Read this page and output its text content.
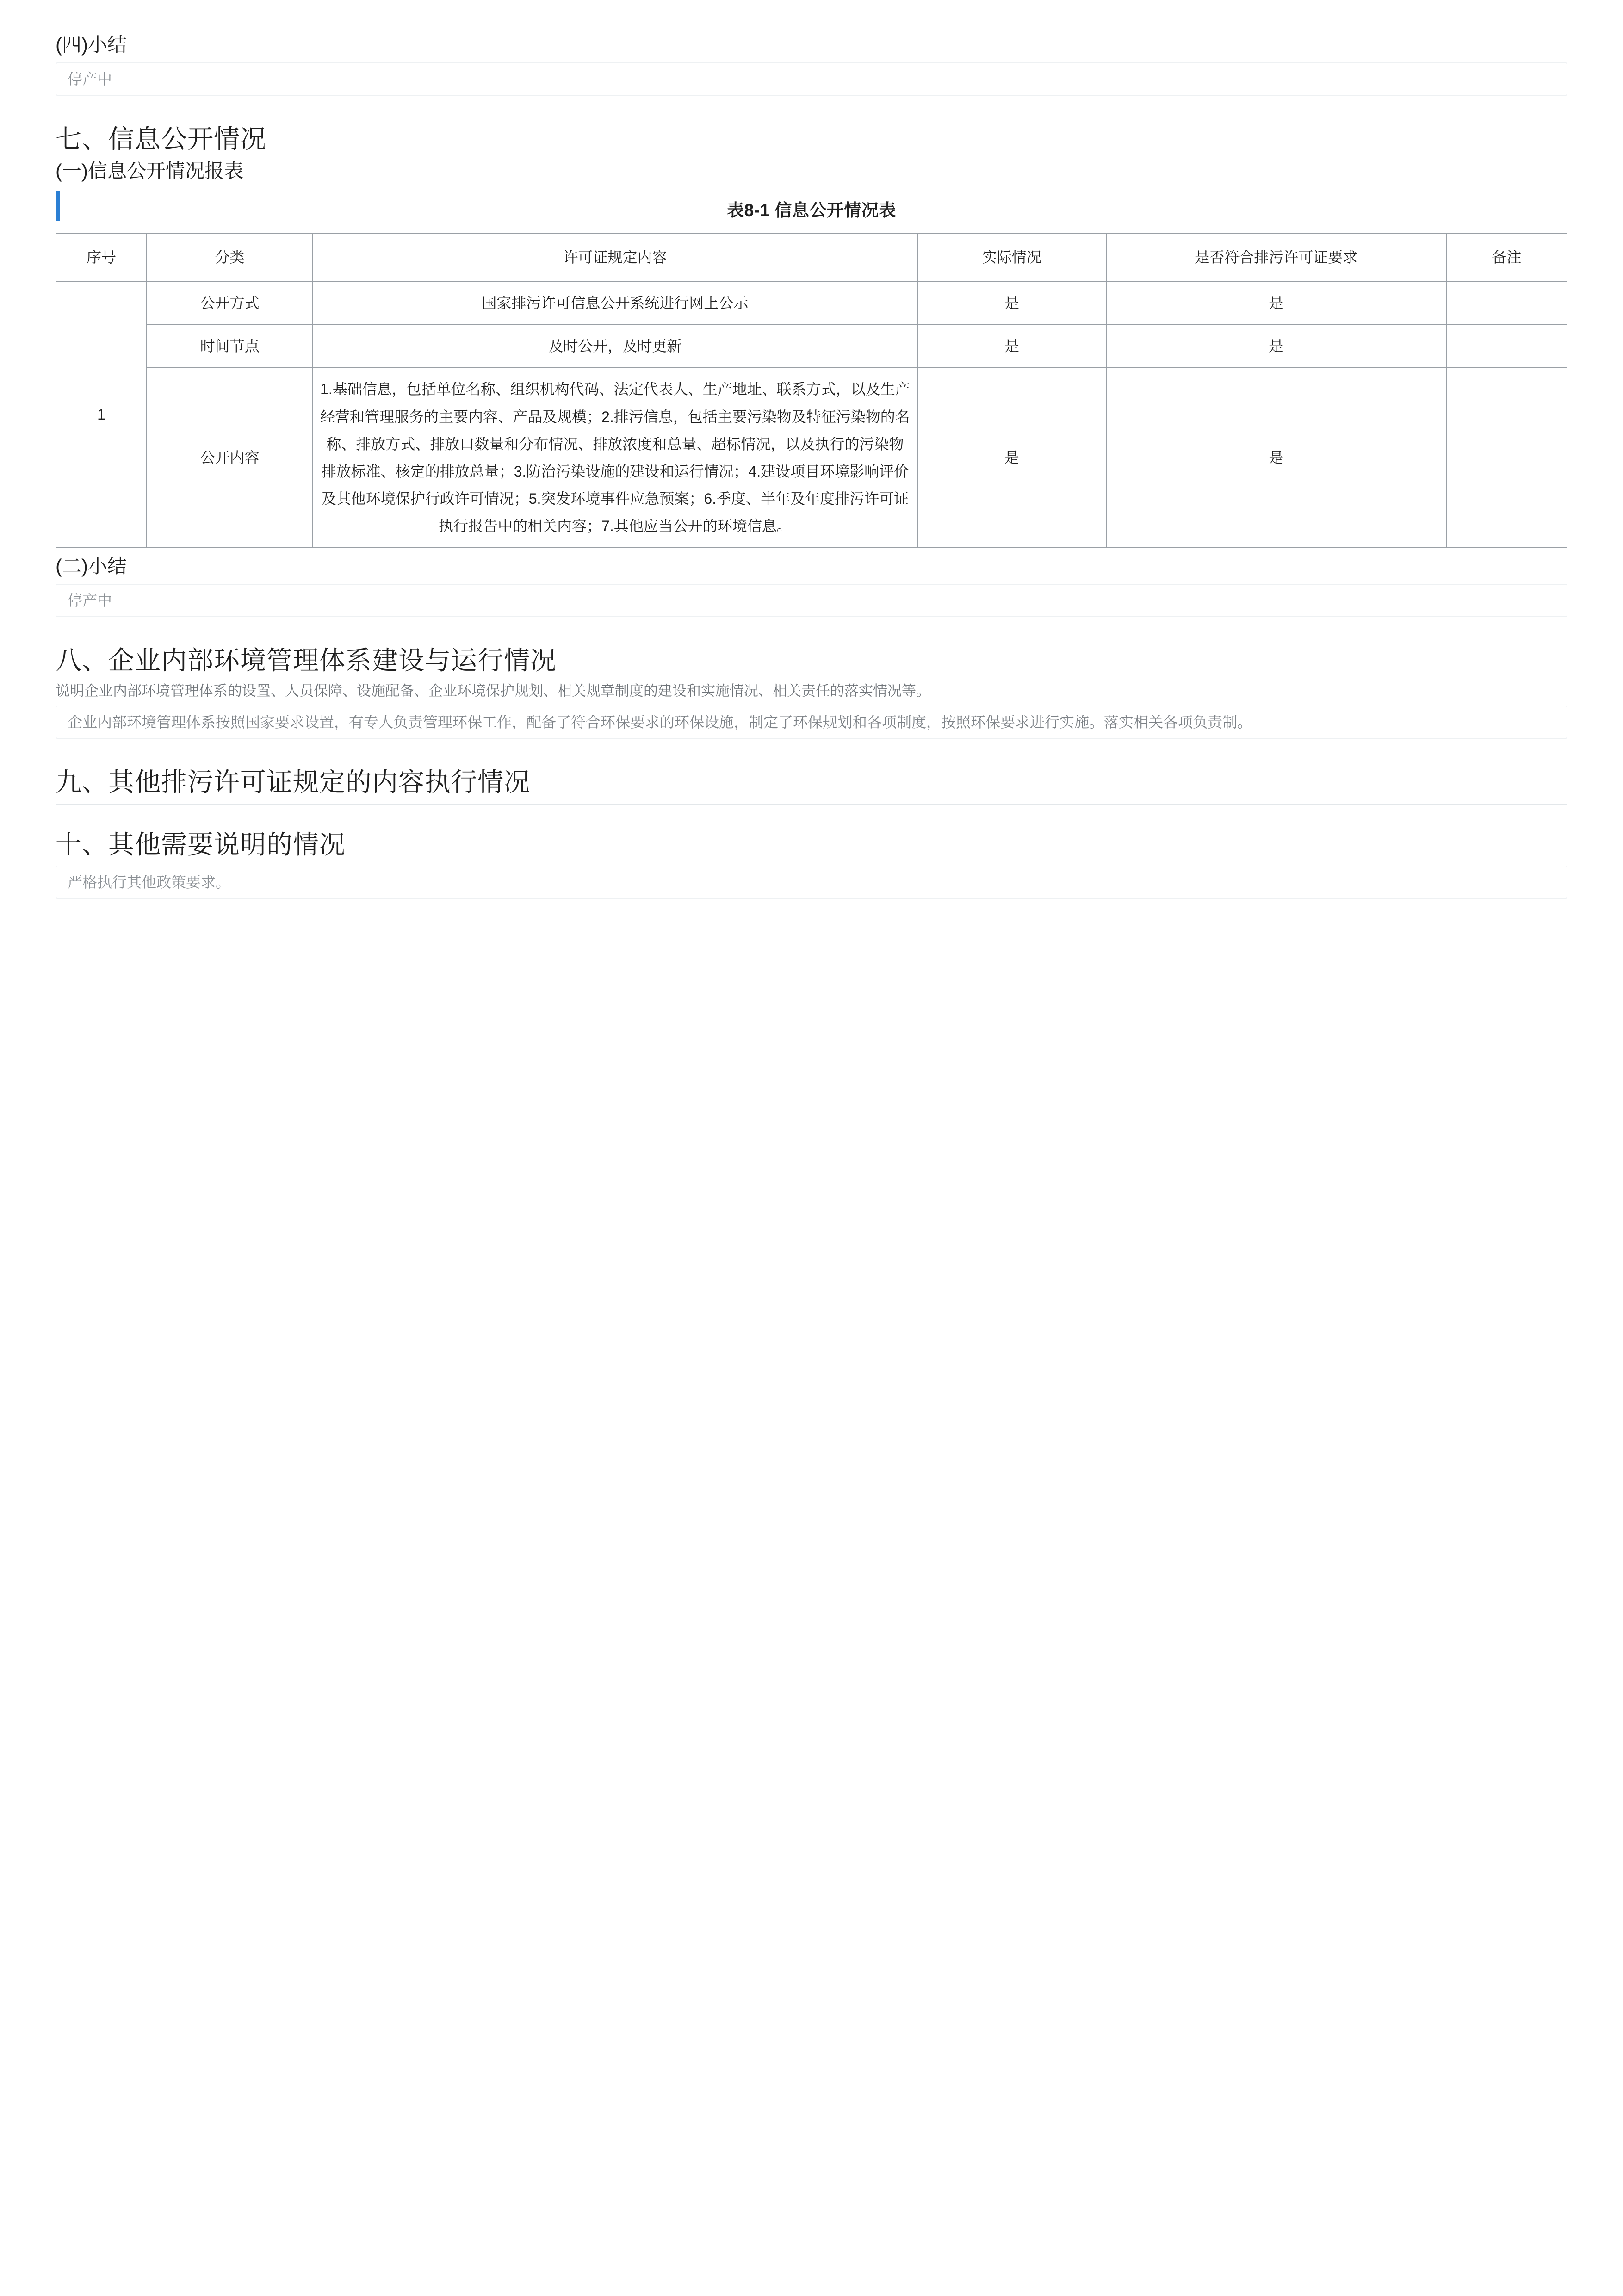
(四)小结
停产中
七、信息公开情况
(一)信息公开情况报表
表8-1 信息公开情况表
序号	分类	许可证规定内容	实际情况	是否符合排污许可证要求	备注
1	公开方式	国家排污许可信息公开系统进行网上公示	是	是	
	时间节点	及时公开，及时更新	是	是	
	公开内容	1.基础信息，包括单位名称、组织机构代码、法定代表人、生产地址、联系方式，以及生产经营和管理服务的主要内容、产品及规模；2.排污信息，包括主要污染物及特征污染物的名称、排放方式、排放口数量和分布情况、排放浓度和总量、超标情况，以及执行的污染物排放标准、核定的排放总量；3.防治污染设施的建设和运行情况；4.建设项目环境影响评价及其他环境保护行政许可情况；5.突发环境事件应急预案；6.季度、半年及年度排污许可证执行报告中的相关内容；7.其他应当公开的环境信息。	是	是	
(二)小结
停产中
八、企业内部环境管理体系建设与运行情况
说明企业内部环境管理体系的设置、人员保障、设施配备、企业环境保护规划、相关规章制度的建设和实施情况、相关责任的落实情况等。
企业内部环境管理体系按照国家要求设置，有专人负责管理环保工作，配备了符合环保要求的环保设施，制定了环保规划和各项制度，按照环保要求进行实施。落实相关各项负责制。
九、其他排污许可证规定的内容执行情况
十、其他需要说明的情况
严格执行其他政策要求。
